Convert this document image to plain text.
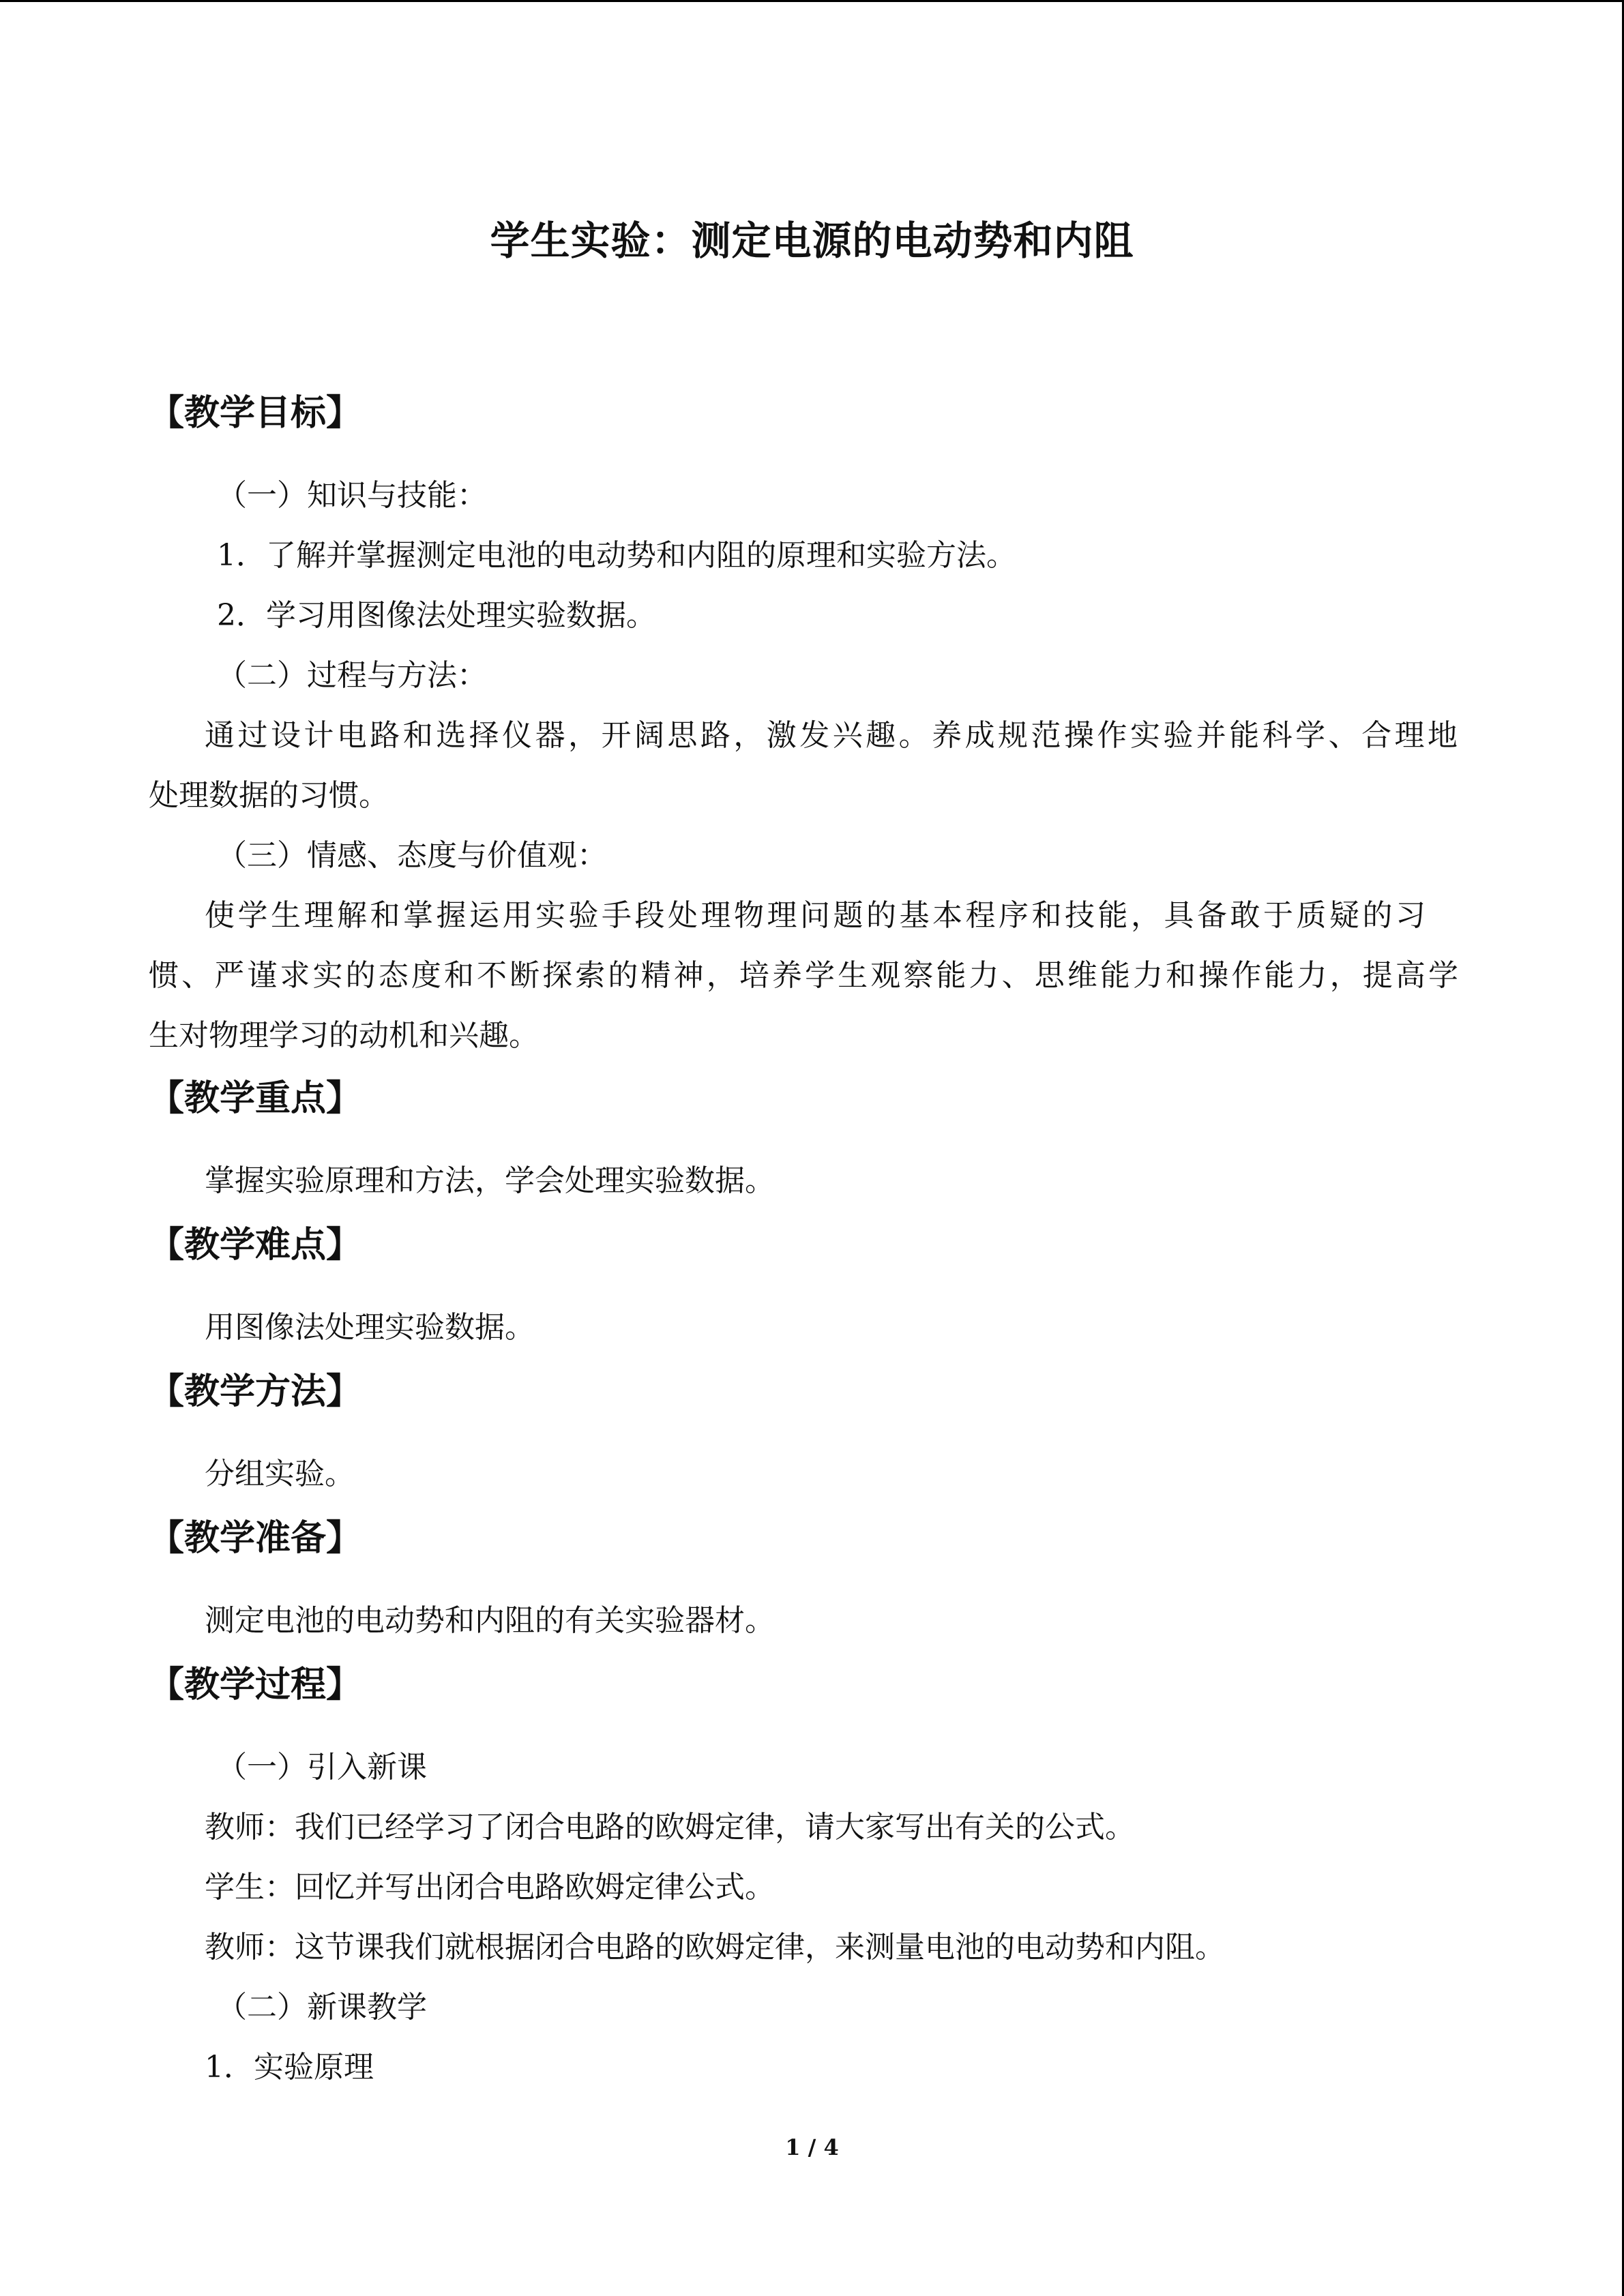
学生实验：测定电源的电动势和内阻
【教学目标】
（一）知识与技能：
1．了解并掌握测定电池的电动势和内阻的原理和实验方法。
2．学习用图像法处理实验数据。
（二）过程与方法：
通过设计电路和选择仪器，开阔思路，激发兴趣。养成规范操作实验并能科学、合理地
处理数据的习惯。
（三）情感、态度与价值观：
使学生理解和掌握运用实验手段处理物理问题的基本程序和技能，具备敢于质疑的习
惯、严谨求实的态度和不断探索的精神，培养学生观察能力、思维能力和操作能力，提高学
生对物理学习的动机和兴趣。
【教学重点】
掌握实验原理和方法，学会处理实验数据。
【教学难点】
用图像法处理实验数据。
【教学方法】
分组实验。
【教学准备】
测定电池的电动势和内阻的有关实验器材。
【教学过程】
（一）引入新课
教师：我们已经学习了闭合电路的欧姆定律，请大家写出有关的公式。
学生：回忆并写出闭合电路欧姆定律公式。
教师：这节课我们就根据闭合电路的欧姆定律，来测量电池的电动势和内阻。
（二）新课教学
1．实验原理
1 / 4
